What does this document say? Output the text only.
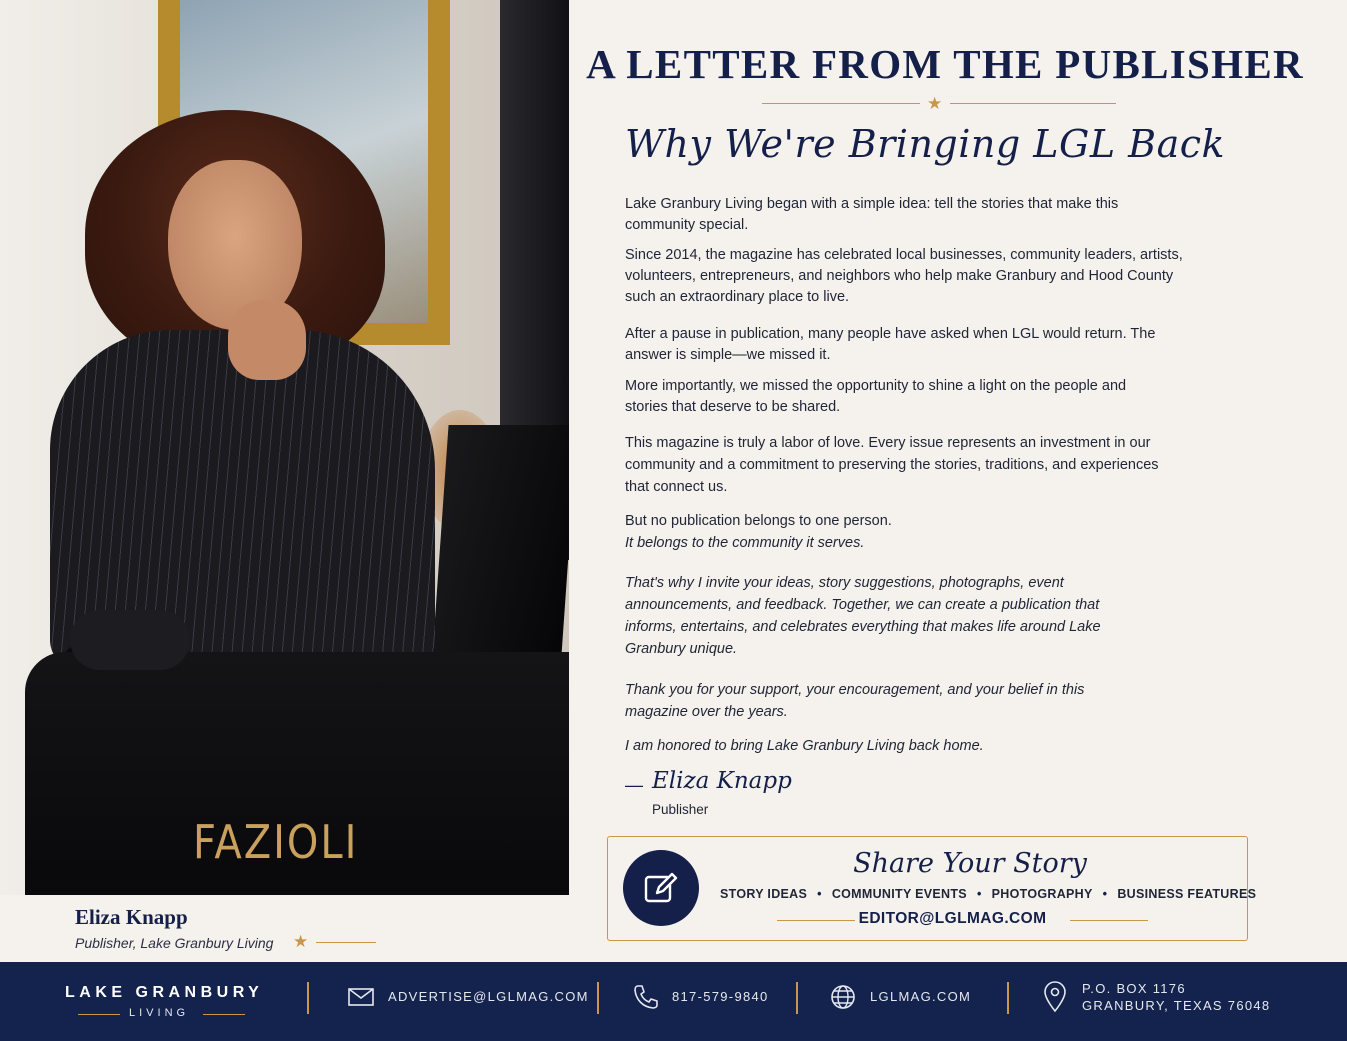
FAZIOLI
Eliza Knapp
Publisher, Lake Granbury Living ★
A LETTER FROM THE PUBLISHER
★
Why We're Bringing LGL Back
Lake Granbury Living began with a simple idea: tell the stories that make this community special.
Since 2014, the magazine has celebrated local businesses, community leaders, artists, volunteers, entrepreneurs, and neighbors who help make Granbury and Hood County such an extraordinary place to live.
After a pause in publication, many people have asked when LGL would return. The answer is simple—we missed it.
More importantly, we missed the opportunity to shine a light on the people and stories that deserve to be shared.
This magazine is truly a labor of love. Every issue represents an investment in our community and a commitment to preserving the stories, traditions, and experiences that connect us.
But no publication belongs to one person.
It belongs to the community it serves.
That's why I invite your ideas, story suggestions, photographs, event announcements, and feedback. Together, we can create a publication that informs, entertains, and celebrates everything that makes life around Lake Granbury unique.
Thank you for your support, your encouragement, and your belief in this magazine over the years.
I am honored to bring Lake Granbury Living back home.
— Eliza Knapp
Publisher
Share Your Story
STORY IDEAS • COMMUNITY EVENTS • PHOTOGRAPHY • BUSINESS FEATURES
EDITOR@LGLMAG.COM
LAKE GRANBURY
LIVING
ADVERTISE@LGLMAG.COM	817-579-9840	LGLMAG.COM
P.O. BOX 1176
GRANBURY, TEXAS 76048
